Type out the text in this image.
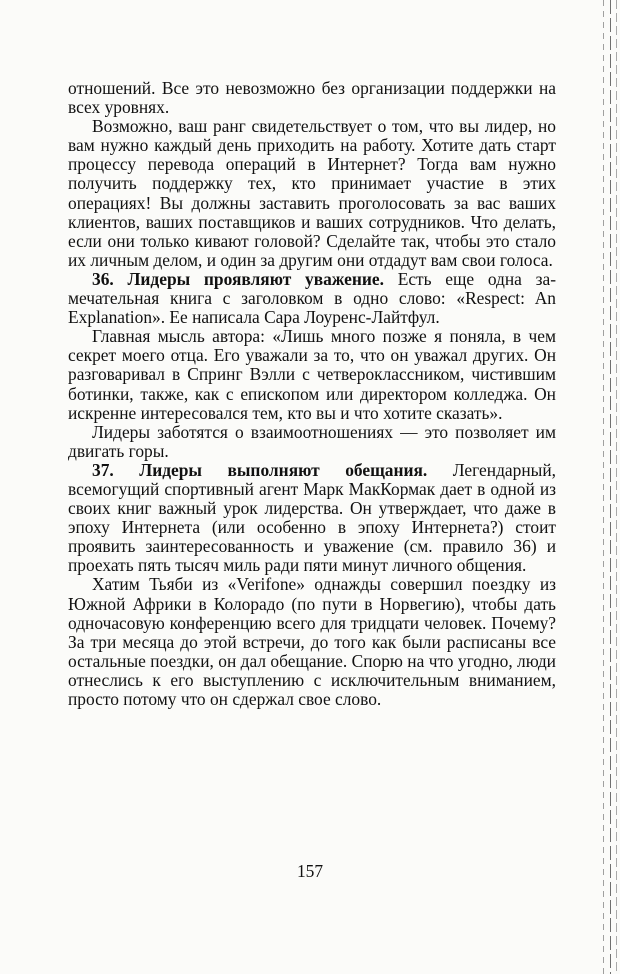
отношений. Все это невозможно без организации поддержки на всех уровнях.

Возможно, ваш ранг свидетельствует о том, что вы лидер, но вам нужно каждый день приходить на работу. Хотите дать старт процессу перевода операций в Интернет? Тогда вам нужно получить поддержку тех, кто принимает участие в этих операциях! Вы должны заставить проголосовать за вас ваших клиентов, ваших поставщиков и ваших сотрудников. Что делать, если они только кивают головой? Сделайте так, чтобы это стало их личным делом, и один за другим они отдадут вам свои голоса.

36. Лидеры проявляют уважение. Есть еще одна замечательная книга с заголовком в одно слово: «Respect: An Explanation». Ее написала Сара Лоуренс-Лайтфул.

Главная мысль автора: «Лишь много позже я поняла, в чем секрет моего отца. Его уважали за то, что он уважал других. Он разговаривал в Спринг Вэлли с четвероклассником, чистившим ботинки, также, как с епископом или директором колледжа. Он искренне интересовался тем, кто вы и что хотите сказать».

Лидеры заботятся о взаимоотношениях — это позволяет им двигать горы.

37. Лидеры выполняют обещания. Легендарный, всемогущий спортивный агент Марк МакКормак дает в одной из своих книг важный урок лидерства. Он утверждает, что даже в эпоху Интернета (или особенно в эпоху Интернета?) стоит проявить заинтересованность и уважение (см. правило 36) и проехать пять тысяч миль ради пяти минут личного общения.

Хатим Тьяби из «Verifone» однажды совершил поездку из Южной Африки в Колорадо (по пути в Норвегию), чтобы дать одночасовую конференцию всего для тридцати человек. Почему? За три месяца до этой встречи, до того как были расписаны все остальные поездки, он дал обещание. Спорю на что угодно, люди отнеслись к его выступлению с исключительным вниманием, просто потому что он сдержал свое слово.

157
